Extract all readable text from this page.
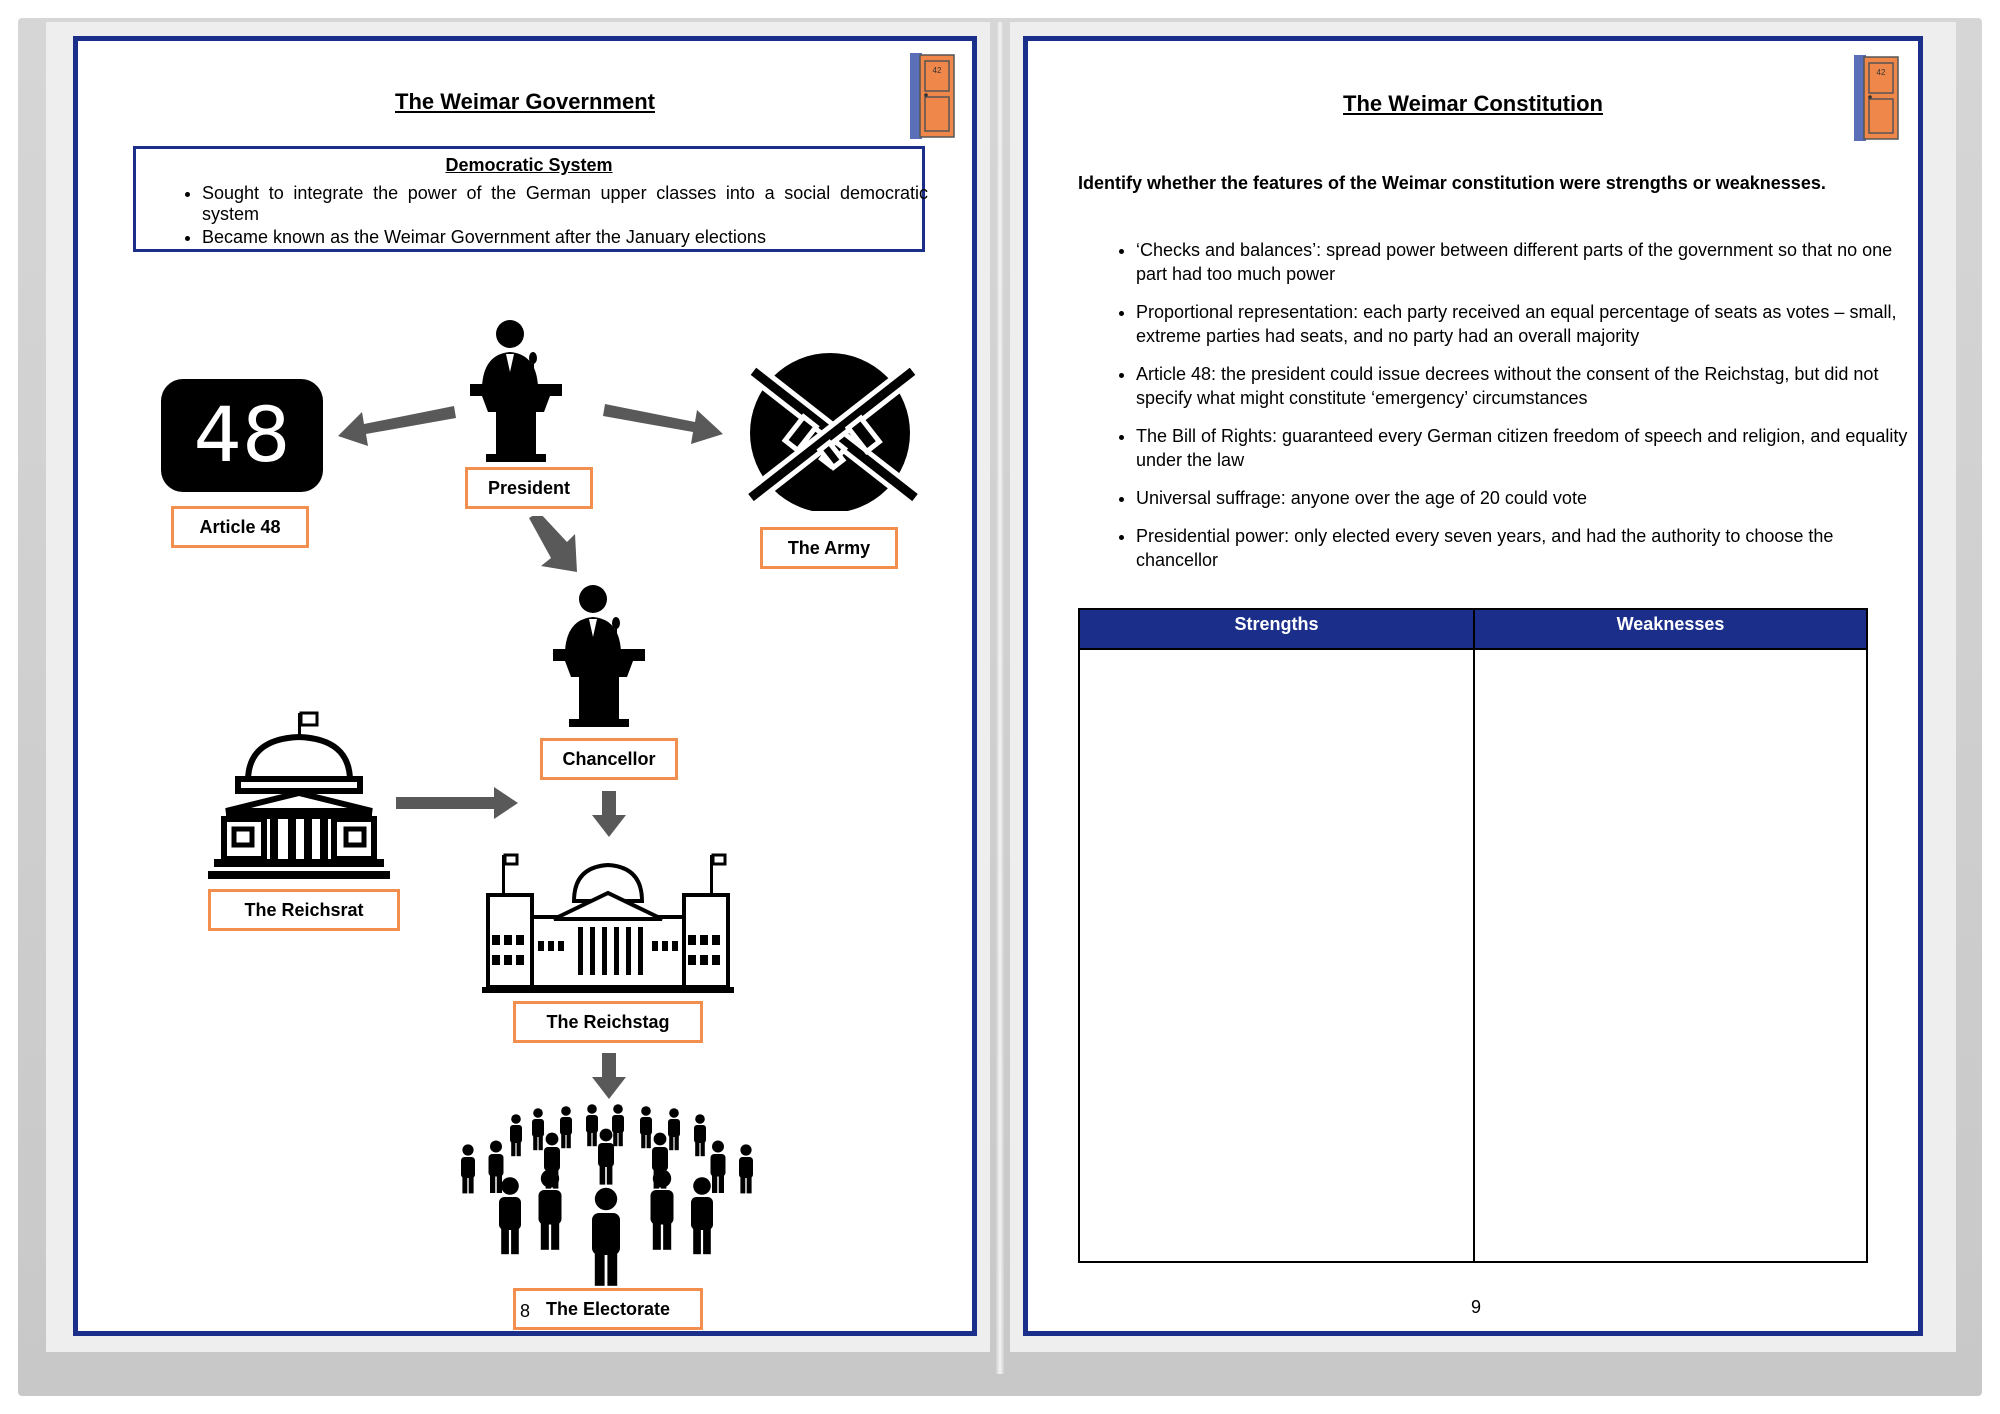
The Weimar Government
42
Democratic System
• Sought to integrate the power of the German upper classes into a social democratic system
• Became known as the Weimar Government after the January elections
48
Article 48
President
The Army
Chancellor
The Reichsrat
The Reichstag
The Electorate
8
The Weimar Constitution
42
Identify whether the features of the Weimar constitution were strengths or weaknesses.
• ‘Checks and balances’: spread power between different parts of the government so that no one part had too much power
• Proportional representation: each party received an equal percentage of seats as votes – small, extreme parties had seats, and no party had an overall majority
• Article 48: the president could issue decrees without the consent of the Reichstag, but did not specify what might constitute ‘emergency’ circumstances
• The Bill of Rights: guaranteed every German citizen freedom of speech and religion, and equality under the law
• Universal suffrage: anyone over the age of 20 could vote
• Presidential power: only elected every seven years, and had the authority to choose the chancellor
Strengths	Weaknesses
9
